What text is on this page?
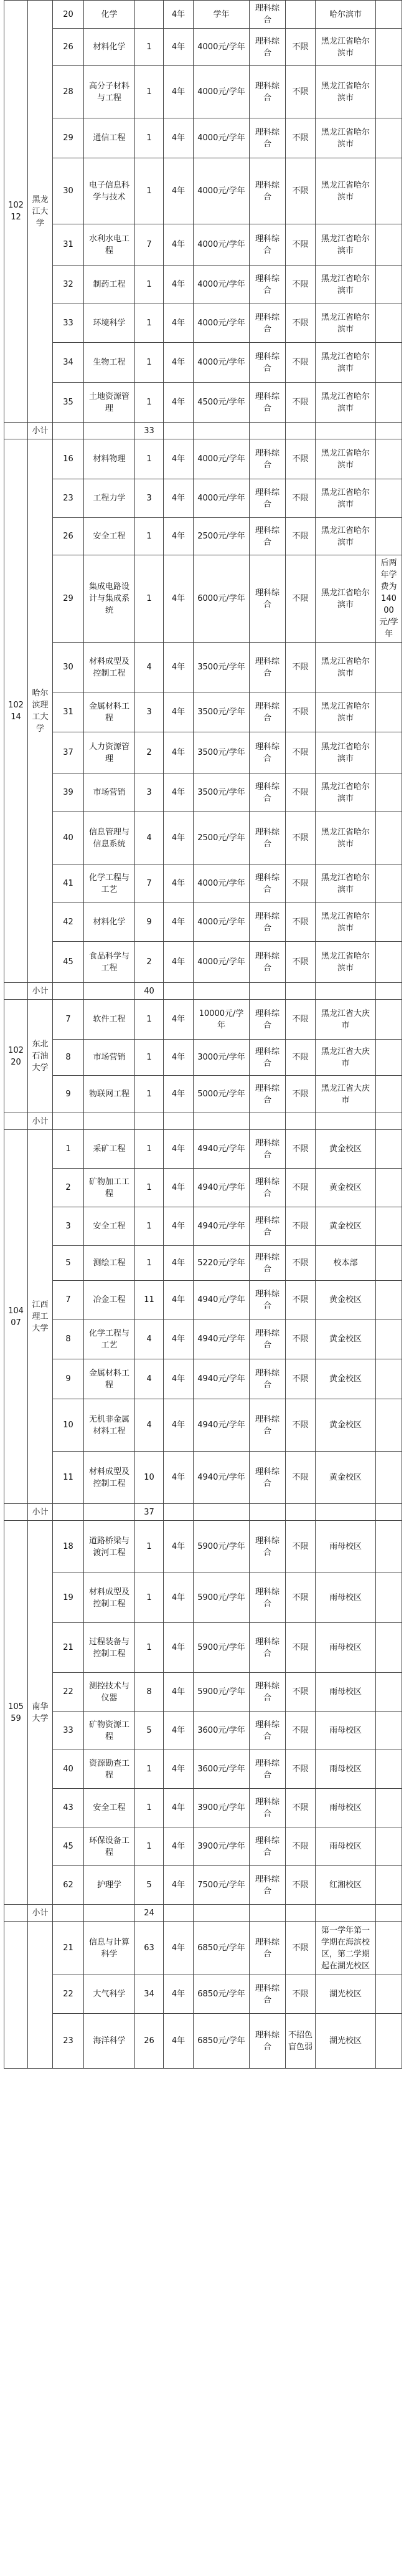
10212	黑龙江大学	20	化学		4年	学年	理科综合		哈尔滨市		
		26	材料化学	1	4年	4000元/学年	理科综合	不限	黑龙江省哈尔滨市		
		28	高分子材料与工程	1	4年	4000元/学年	理科综合	不限	黑龙江省哈尔滨市		
		29	通信工程	1	4年	4000元/学年	理科综合	不限	黑龙江省哈尔滨市		
		30	电子信息科学与技术	1	4年	4000元/学年	理科综合	不限	黑龙江省哈尔滨市		
		31	水利水电工程	7	4年	4000元/学年	理科综合	不限	黑龙江省哈尔滨市		
		32	制药工程	1	4年	4000元/学年	理科综合	不限	黑龙江省哈尔滨市		
		33	环境科学	1	4年	4000元/学年	理科综合	不限	黑龙江省哈尔滨市		
		34	生物工程	1	4年	4000元/学年	理科综合	不限	黑龙江省哈尔滨市		
		35	土地资源管理	1	4年	4500元/学年	理科综合	不限	黑龙江省哈尔滨市		
	小计			33							
10214	哈尔滨理工大学	16	材料物理	1	4年	4000元/学年	理科综合	不限	黑龙江省哈尔滨市		
		23	工程力学	3	4年	4000元/学年	理科综合	不限	黑龙江省哈尔滨市		
		26	安全工程	1	4年	2500元/学年	理科综合	不限	黑龙江省哈尔滨市		
		29	集成电路设计与集成系统	1	4年	6000元/学年	理科综合	不限	黑龙江省哈尔滨市	后两年学费为14000元/学年	
		30	材料成型及控制工程	4	4年	3500元/学年	理科综合	不限	黑龙江省哈尔滨市		
		31	金属材料工程	3	4年	3500元/学年	理科综合	不限	黑龙江省哈尔滨市		
		37	人力资源管理	2	4年	3500元/学年	理科综合	不限	黑龙江省哈尔滨市		
		39	市场营销	3	4年	3500元/学年	理科综合	不限	黑龙江省哈尔滨市		
		40	信息管理与信息系统	4	4年	2500元/学年	理科综合	不限	黑龙江省哈尔滨市		
		41	化学工程与工艺	7	4年	4000元/学年	理科综合	不限	黑龙江省哈尔滨市		
		42	材料化学	9	4年	4000元/学年	理科综合	不限	黑龙江省哈尔滨市		
		45	食品科学与工程	2	4年	4000元/学年	理科综合	不限	黑龙江省哈尔滨市		
	小计			40							
10220	东北石油大学	7	软件工程	1	4年	10000元/学年	理科综合	不限	黑龙江省大庆市		
		8	市场营销	1	4年	3000元/学年	理科综合	不限	黑龙江省大庆市		
		9	物联网工程	1	4年	5000元/学年	理科综合	不限	黑龙江省大庆市		
	小计										
10407	江西理工大学	1	采矿工程	1	4年	4940元/学年	理科综合	不限	黄金校区		
		2	矿物加工工程	1	4年	4940元/学年	理科综合	不限	黄金校区		
		3	安全工程	1	4年	4940元/学年	理科综合	不限	黄金校区		
		5	测绘工程	1	4年	5220元/学年	理科综合	不限	校本部		
		7	冶金工程	11	4年	4940元/学年	理科综合	不限	黄金校区		
		8	化学工程与工艺	4	4年	4940元/学年	理科综合	不限	黄金校区		
		9	金属材料工程	4	4年	4940元/学年	理科综合	不限	黄金校区		
		10	无机非金属材料工程	4	4年	4940元/学年	理科综合	不限	黄金校区		
		11	材料成型及控制工程	10	4年	4940元/学年	理科综合	不限	黄金校区		
	小计			37							
10559	南华大学	18	道路桥梁与渡河工程	1	4年	5900元/学年	理科综合	不限	雨母校区		
		19	材料成型及控制工程	1	4年	5900元/学年	理科综合	不限	雨母校区		
		21	过程装备与控制工程	1	4年	5900元/学年	理科综合	不限	雨母校区		
		22	测控技术与仪器	8	4年	5900元/学年	理科综合	不限	雨母校区		
		33	矿物资源工程	5	4年	3600元/学年	理科综合	不限	雨母校区		
		40	资源勘查工程	1	4年	3600元/学年	理科综合	不限	雨母校区		
		43	安全工程	1	4年	3900元/学年	理科综合	不限	雨母校区		
		45	环保设备工程	1	4年	3900元/学年	理科综合	不限	雨母校区		
		62	护理学	5	4年	7500元/学年	理科综合	不限	红湘校区		
	小计			24							
		21	信息与计算科学	63	4年	6850元/学年	理科综合	不限	第一学年第一学期在海滨校区，第二学期起在湖光校区		
		22	大气科学	34	4年	6850元/学年	理科综合	不限	湖光校区		
		23	海洋科学	26	4年	6850元/学年	理科综合	不招色盲色弱	湖光校区		
